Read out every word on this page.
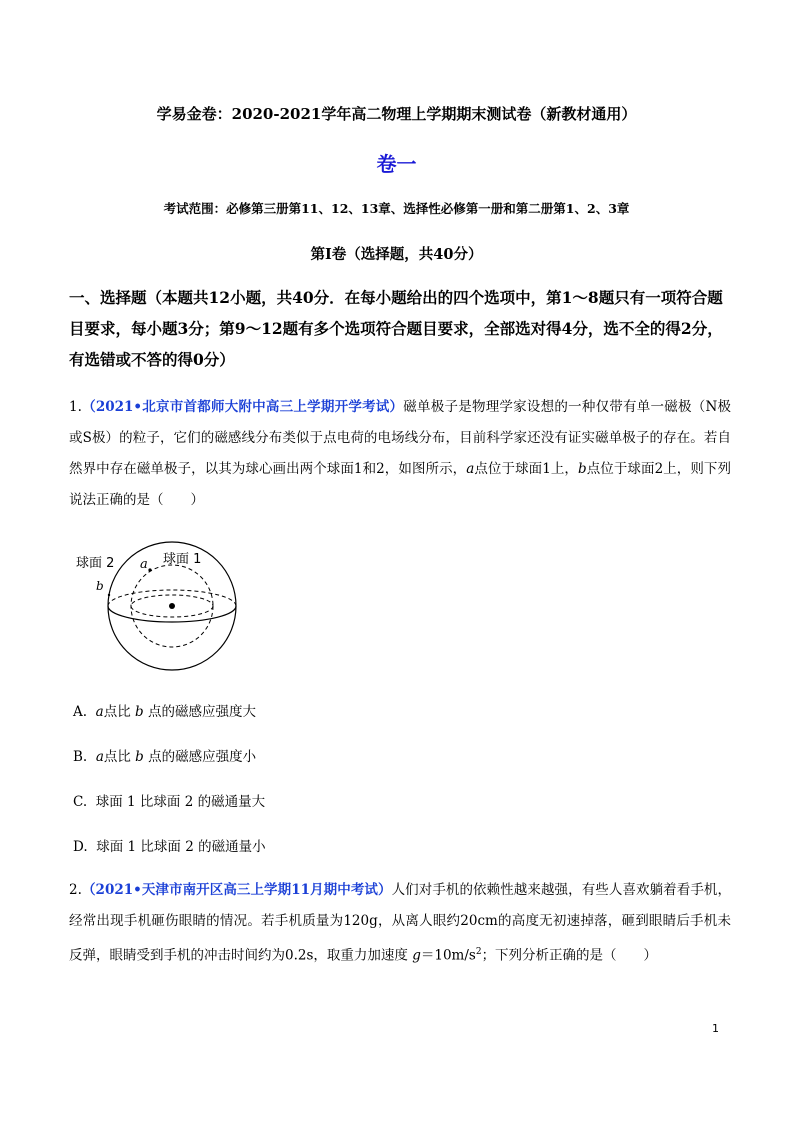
学易金卷：2020-2021学年高二物理上学期期末测试卷（新教材通用）
卷一
考试范围：必修第三册第11、12、13章、选择性必修第一册和第二册第1、2、3章
第Ⅰ卷（选择题，共40分）
一、选择题（本题共12小题，共40分．在每小题给出的四个选项中，第1～8题只有一项符合题目要求，每小题3分；第9～12题有多个选项符合题目要求，全部选对得4分，选不全的得2分，有选错或不答的得0分）
1.（2021•北京市首都师大附中高三上学期开学考试）磁单极子是物理学家设想的一种仅带有单一磁极（N极或S极）的粒子，它们的磁感线分布类似于点电荷的电场线分布，目前科学家还没有证实磁单极子的存在。若自然界中存在磁单极子，以其为球心画出两个球面1和2，如图所示，a点位于球面1上，b点位于球面2上，则下列说法正确的是（　　）
球面 2	球面 1
a
b
A. a点比 b 点的磁感应强度大
B. a点比 b 点的磁感应强度小
C. 球面 1 比球面 2 的磁通量大
D. 球面 1 比球面 2 的磁通量小
2.（2021•天津市南开区高三上学期11月期中考试）人们对手机的依赖性越来越强，有些人喜欢躺着看手机，经常出现手机砸伤眼睛的情况。若手机质量为120g，从离人眼约20cm的高度无初速掉落，砸到眼睛后手机未反弹，眼睛受到手机的冲击时间约为0.2s，取重力加速度 $g=10m/s^2$；下列分析正确的是（　　）
1
